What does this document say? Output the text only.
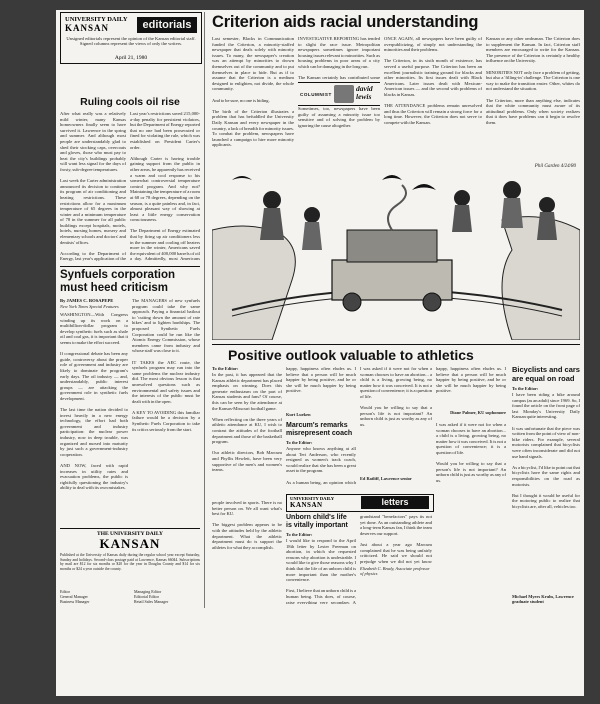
UNIVERSITY DAILY
KANSAN	editorials
Unsigned editorials represent the opinion of the Kansan editorial staff. Signed columns represent the views of only the writers.
April 21, 1980
Ruling cools oil rise
After what really was a relatively mild winter, many Kansas homeowners finally seem to have survived it. Lawrence in the spring and summer. And although most people are understandably glad to shed their stocking caps, overcoats and gloves, those who must pay to heat the city's buildings probably will want less signal for the days of frosty, sub-degree temperatures.

Last week the Carter administration announced its decision to continue its program of air conditioning and heating restrictions. These restrictions allow for a maximum temperature of 65 degrees in the winter and a minimum temperature of 78 in the summer for all public buildings except hospitals, motels, hotels, nursing homes, nursery and elementary schools and doctors' and dentists' offices.

According to the Department of Energy, last year's application of the
Last year's restrictions saved 215,000-a-day penalty for persistent violators, but the Department of Energy reported that no one had been prosecuted or fined for violating the rule, which was established on President Carter's order.

Although Carter is having trouble gaining support from the public in other areas, he apparently has received a warm and cool response to his somewhat controversial temperature control program. And why not? Maintaining the temperature of a room at 68 or 78 degrees, depending on the season, is a quite painless and, in fact, almost pleasant way of showing at least a little energy conservation consciousness.

The Department of Energy estimated that by firing up air conditioners less in the summer and cooling off heaters more in the winter, Americans saved the equivalent of 400,000 barrels of oil a day. Admittedly, most Americans
Synfuels corporation
must heed criticism
By JAMES C. ROSAPEPE
New York Times Special Features
WASHINGTON—With Congress winding up its work on a multibillion-dollar program to develop synthetic fuels such as shale oil and coal gas, it is important that it seems to make the effort succeed.

If congressional debate has been any guide, controversy about the proper role of government and industry are likely to dominate the program's early days. The oil industry — and, understandably, public interest groups — are attacking the government role in synthetic fuels development.

The last time the nation decided to invest heavily in a new energy technology, the effort had both government and industry participation: the nuclear power industry, now in deep trouble, was organized and nursed into maturity by just such a government-industry cooperation.

AND NOW, faced with rapid increases in utility rates and evacuation problems, the public is rightfully questioning the industry's ability to deal with its own mistakes.
The MANAGERS of new synfuels program could take the same approach. Paying a financial bailout to 'cutting down the amount of rate hikes' and to lighten hardships. The proposed Synthetic Fuels Corporation could be run like the Atomic Energy Commission, whose members came from industry and whose staff was close to it.

IT TAKES the AEC route, the synfuels program may run into the same problems the nuclear industry did. The most obvious lesson is that unresolved questions such as environmental and safety issues and the interests of the public must be dealt with in the open.

A KEY TO AVOIDING this familiar failure would be a decision by a Synthetic Fuels Corporation to take its critics seriously from the start.
THE UNIVERSITY DAILY
KANSAN
Published at the University of Kansas daily during the regular school year except Saturday, Sunday and holidays. Second-class postage paid at Lawrence, Kansas 66044. Subscriptions by mail are $12 for six months or $20 for the year in Douglas County and $14 for six months or $24 a year outside the county.
Editor
General Manager
Business Manager
Managing Editor
Editorial Editor
Retail Sales Manager
Criterion aids racial understanding
Last semester, Blacks in Communication funded the Criterion, a minority-staffed newspaper that deals solely with minority issues. To many, the newspaper's creation was an attempt by minorities to drown themselves out of the community and to put themselves in place to hide. But as if to assume that the Criterion is a medium designed to enlighten, not divide, the whole community.

And to be sure, no one is hiding.

The birth of the Criterion illustrates a problem that has befuddled the University Daily Kansan and every newspaper in the country, a lack of breadth for minority issues. To combat the problem, newspapers have launched a campaign to hire more minority applicants.
INVESTIGATIVE REPORTING has tended to slight the race issue. Metropolitan newspapers sometimes ignore important housing issues relevant to minorities. Such as housing problems in poor areas of a city which can be damaging in the long run.

The Kansan certainly has contributed some
COLUMNIST
david
lewis
Sometimes, too, newspapers have been guilty of assuming a minority issue too sensitive and of solving the problem by ignoring the cause altogether.
ONCE AGAIN, all newspapers have been guilty of overpublicizing, of simply not understanding the minorities and their problems.

The Criterion, in its sixth month of existence, has served a useful purpose. The Criterion has been an excellent journalistic training ground for blacks and other minorities. Its first issues dealt with Black Americans. Later issues dealt with Mexican-American issues — and the second with problems of blacks in Kansas.

THE ATTENDANCE problems remain unresolved and thus the Criterion will remain a strong force for a long time. However, the Criterion does not serve to compete with the Kansan.
Kansan or any other ombsman. The Criterion does to supplement the Kansan. In fact, Criterion staff members are encouraged to write for the Kansan. The presence of the Criterion is certainly a healthy influence on the University.

MINORITIES NOT only face a problem of getting, but also a 'filling-in' challenge. The Criterion is one way to make the transition easier. Other, whites do not understand the situation.

The Criterion, more than anything else, indicates that the white community must aware of its attitudinal problems. Only when society realizes that it does have problems can it begin to resolve them.
Phil Garden 4/24/80
Positive outlook valuable to athletics
To the Editor:
In the past, it has appeared that the Kansas athletic department has placed emphasis on winning. Does this generate enthusiasm on the part of Kansas students and fans? Of course, this can be seen by the attendance at the Kansas-Missouri football game.

When reflecting on the three years of athletic attendance at KU, I wish to contrast the attitudes of the football department and those of the basketball program.

Our athletic directors, Bob Marcum and Phyllis Hewlett, have been very supportive of the men's and women's teams.
happy, happiness often eludes us. I believe that a person will be much happier by being positive, and he or she will be much happier by being positive.
Kurt Lueken
Marcum's remarks
misrepresent coach
To the Editor:
Anyone who knows anything at all about Teri Anderson, who recently resigned as women's track coach, would realize that she has been a great asset to the program.

As a human being, an opinion which
I was asked if it were not for when a woman chooses to have an abortion... a child is a living, growing being, no matter how it was conceived. It is not a question of convenience; it is a question of life.

Would you be willing to say that a person's life is not important? An unborn child is just as worthy as any of us.
Ed Ratliff, Lawrence senior
happy, happiness often eludes us. I believe that a person will be much happier by being positive, and he or she will be much happier by being positive.
Diane Palmer, KU sophomore
Bicyclists and cars
are equal on road
To the Editor:
I have been riding a bike around campus (as an adult) since 1969. So, I found the article on the front page of last Monday's University Daily Kansan quite interesting.

It was unfortunate that the piece was written from the point of view of non-bike riders. For example, several motorists complained that bicyclists were often inconsiderate and did not use hand signals.

As a bicyclist, I'd like to point out that bicyclists have the same rights and responsibilities on the road as motorists.

But I thought it would be useful for the motoring public to realize that bicyclists are, after all, vehicles too.
Michael Myers Kruhs, Lawrence graduate student
UNIVERSITY DAILY
KANSAN	letters
people involved in sports. There is no better person on. We all want what's best for KU.

The biggest problem appears to be with the attitudes held by the athletic department. What the athletic department must do is support the athletes for what they accomplish.
grandstand "benefactors" pays its not yet done. As an outstanding athlete and a long-term Kansas fan, I think the team deserves our support.

Just about a year ago Marcum complained that he was being unfairly criticized. He said we should not prejudge when we did not yet know
Elizabeth C. Brady, Associate professor of physics
Unborn child's life
is vitally important
To the Editor:
I would like to respond to the April 18th letter by Lester Freeman on abortion, in which she requested reasons why abortion is undesirable. I would like to give those reasons why I think that the life of an unborn child is more important than the mother's convenience.

First, I believe that an unborn child is a human being. This does, of course, raise everything very secondary. A
I was asked if it were not for when a woman chooses to have an abortion... a child is a living, growing being, no matter how it was conceived. It is not a question of convenience; it is a question of life.

Would you be willing to say that a person's life is not important? An unborn child is just as worthy as any of us.
